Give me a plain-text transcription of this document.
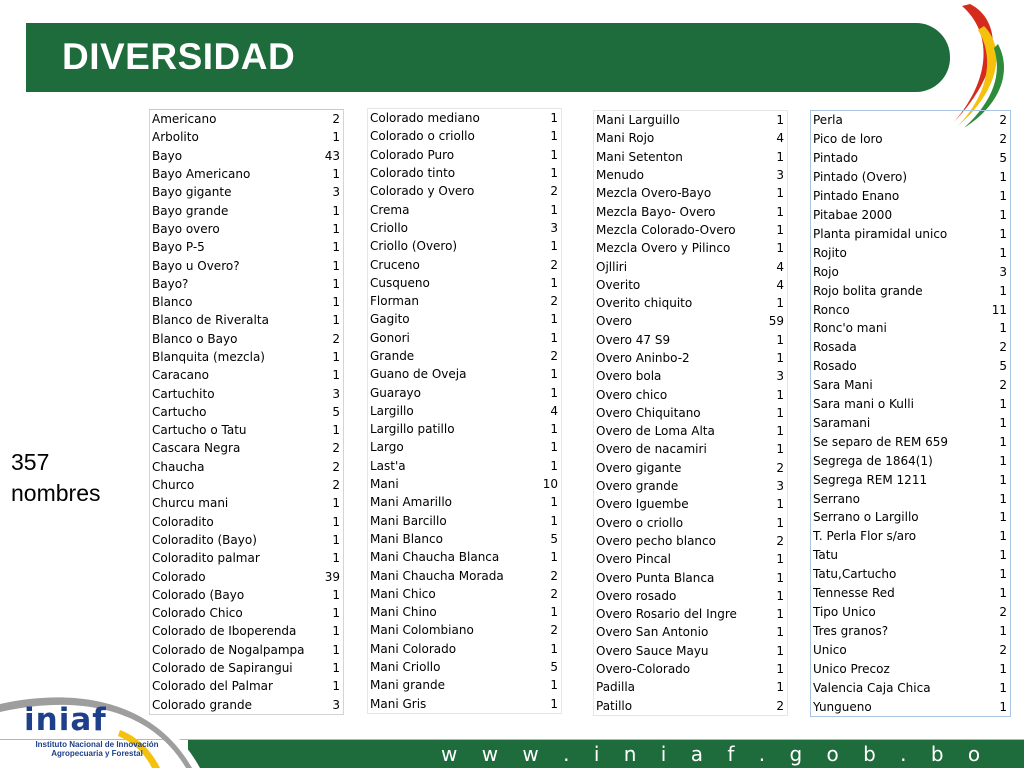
DIVERSIDAD
357
nombres
Americano	2
Arbolito	1
Bayo	43
Bayo Americano	1
Bayo gigante	3
Bayo grande	1
Bayo overo	1
Bayo P-5	1
Bayo u Overo?	1
Bayo?	1
Blanco	1
Blanco de Riveralta	1
Blanco o Bayo	2
Blanquita (mezcla)	1
Caracano	1
Cartuchito	3
Cartucho	5
Cartucho o Tatu	1
Cascara Negra	2
Chaucha	2
Churco	2
Churcu mani	1
Coloradito	1
Coloradito (Bayo)	1
Coloradito palmar	1
Colorado	39
Colorado (Bayo	1
Colorado Chico	1
Colorado de Iboperenda	1
Colorado de Nogalpampa 1
Colorado de Sapirangui	1
Colorado del Palmar	1
Colorado grande	3
Colorado mediano	1
Colorado o criollo	1
Colorado Puro	1
Colorado tinto	1
Colorado y Overo	2
Crema	1
Criollo	3
Criollo (Overo)	1
Cruceno	2
Cusqueno	1
Florman	2
Gagito	1
Gonori	1
Grande	2
Guano de Oveja	1
Guarayo	1
Largillo	4
Largillo patillo	1
Largo	1
Last'a	1
Mani	10
Mani Amarillo	1
Mani Barcillo	1
Mani Blanco	5
Mani Chaucha Blanca	1
Mani Chaucha Morada	2
Mani Chico	2
Mani Chino	1
Mani Colombiano	2
Mani Colorado	1
Mani Criollo	5
Mani grande	1
Mani Gris	1
Mani Larguillo	1
Mani Rojo	4
Mani Setenton	1
Menudo	3
Mezcla Overo-Bayo	1
Mezcla Bayo- Overo	1
Mezcla Colorado-Overo	1
Mezcla Overo y Pilinco	1
Ojlliri	4
Overito	4
Overito chiquito	1
Overo	59
Overo 47 S9	1
Overo Aninbo-2	1
Overo bola	3
Overo chico	1
Overo Chiquitano	1
Overo de Loma Alta	1
Overo de nacamiri	1
Overo gigante	2
Overo grande	3
Overo Iguembe	1
Overo o criollo	1
Overo pecho blanco	2
Overo Pincal	1
Overo Punta Blanca	1
Overo rosado	1
Overo Rosario del Ingre	1
Overo San Antonio	1
Overo Sauce Mayu	1
Overo-Colorado	1
Padilla	1
Patillo	2
Perla	2
Pico de loro	2
Pintado	5
Pintado (Overo)	1
Pintado Enano	1
Pitabae 2000	1
Planta piramidal unico	1
Rojito	1
Rojo	3
Rojo bolita grande	1
Ronco	11
Ronc'o mani	1
Rosada	2
Rosado	5
Sara Mani	2
Sara mani o Kulli	1
Saramani	1
Se separo de REM 659	1
Segrega de 1864(1)	1
Segrega REM 1211	1
Serrano	1
Serrano o Largillo	1
T. Perla Flor s/aro	1
Tatu	1
Tatu,Cartucho	1
Tennesse Red	1
Tipo Unico	2
Tres granos?	1
Unico	2
Unico Precoz	1
Valencia Caja Chica	1
Yungueno	1
w w w . i n i a f . g o b . b o
iniaf
Instituto Nacional de Innovación Agropecuaria y Forestal
